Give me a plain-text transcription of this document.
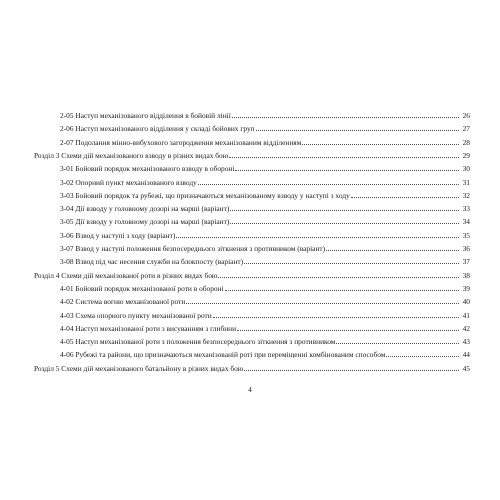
2-05 Наступ механізованого відділення в бойовій лінії	26
2-06 Наступ механізованого відділення у складі бойових груп	27
2-07 Подолання мінно-вибухового загородження механізованим відділенням	28
Розділ 3 Схеми дій механізованого взводу в різних видах бою	29
3-01 Бойовий порядок механізованого взводу в обороні	30
3-02 Опорний пункт механізованого взводу	31
3-03 Бойовий порядок та рубежі, що призначаються механізованому взводу у наступі з ходу	32
3-04 Дії взводу у головному дозорі на марші (варіант)	33
3-05 Дії взводу у головному дозорі на марші (варіант)	34
3-06 Взвод у наступі з ходу (варіант)	35
3-07 Взвод у наступі положення безпосереднього зіткнення з противником (варіант)	36
3-08 Взвод під час несення служби на блокпосту (варіант)	37
Розділ 4 Схеми дій механізованої роти в різних видах бою	38
4-01 Бойовий порядок механізованої роти в обороні	39
4-02 Система вогню механізованої роти	40
4-03 Схема опорного пункту механізованої роти	41
4-04 Наступ механізованої роти з висуванням з глибини	42
4-05 Наступ механізованої роти з положення безпосереднього зіткнення з противником	43
4-06 Рубежі та райони, що призначаються механізованій роті при переміщенні комбінованим способом	44
Розділ 5 Схеми дій механізованого батальйону в різних видах бою	45
4
